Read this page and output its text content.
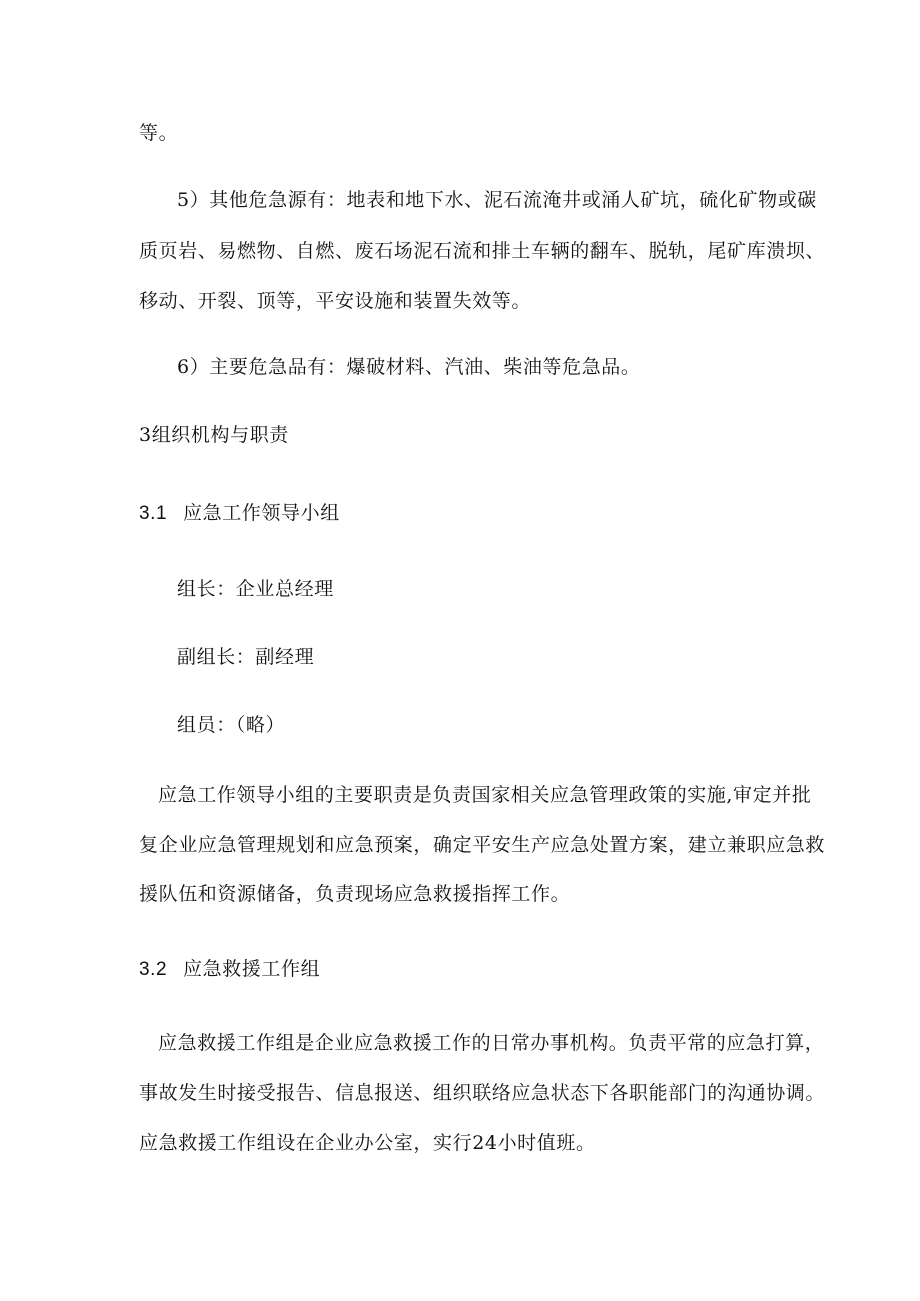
等。
5）其他危急源有：地表和地下水、泥石流淹井或涌人矿坑，硫化矿物或碳
质页岩、易燃物、自燃、废石场泥石流和排土车辆的翻车、脱轨，尾矿库溃坝、
移动、开裂、顶等，平安设施和装置失效等。
6）主要危急品有：爆破材料、汽油、柴油等危急品。
3组织机构与职责
3.1 应急工作领导小组
组长：企业总经理
副组长：副经理
组员：（略）
应急工作领导小组的主要职责是负责国家相关应急管理政策的实施,审定并批
复企业应急管理规划和应急预案，确定平安生产应急处置方案，建立兼职应急救
援队伍和资源储备，负责现场应急救援指挥工作。
3.2 应急救援工作组
应急救援工作组是企业应急救援工作的日常办事机构。负责平常的应急打算，
事故发生时接受报告、信息报送、组织联络应急状态下各职能部门的沟通协调。
应急救援工作组设在企业办公室，实行24小时值班。
